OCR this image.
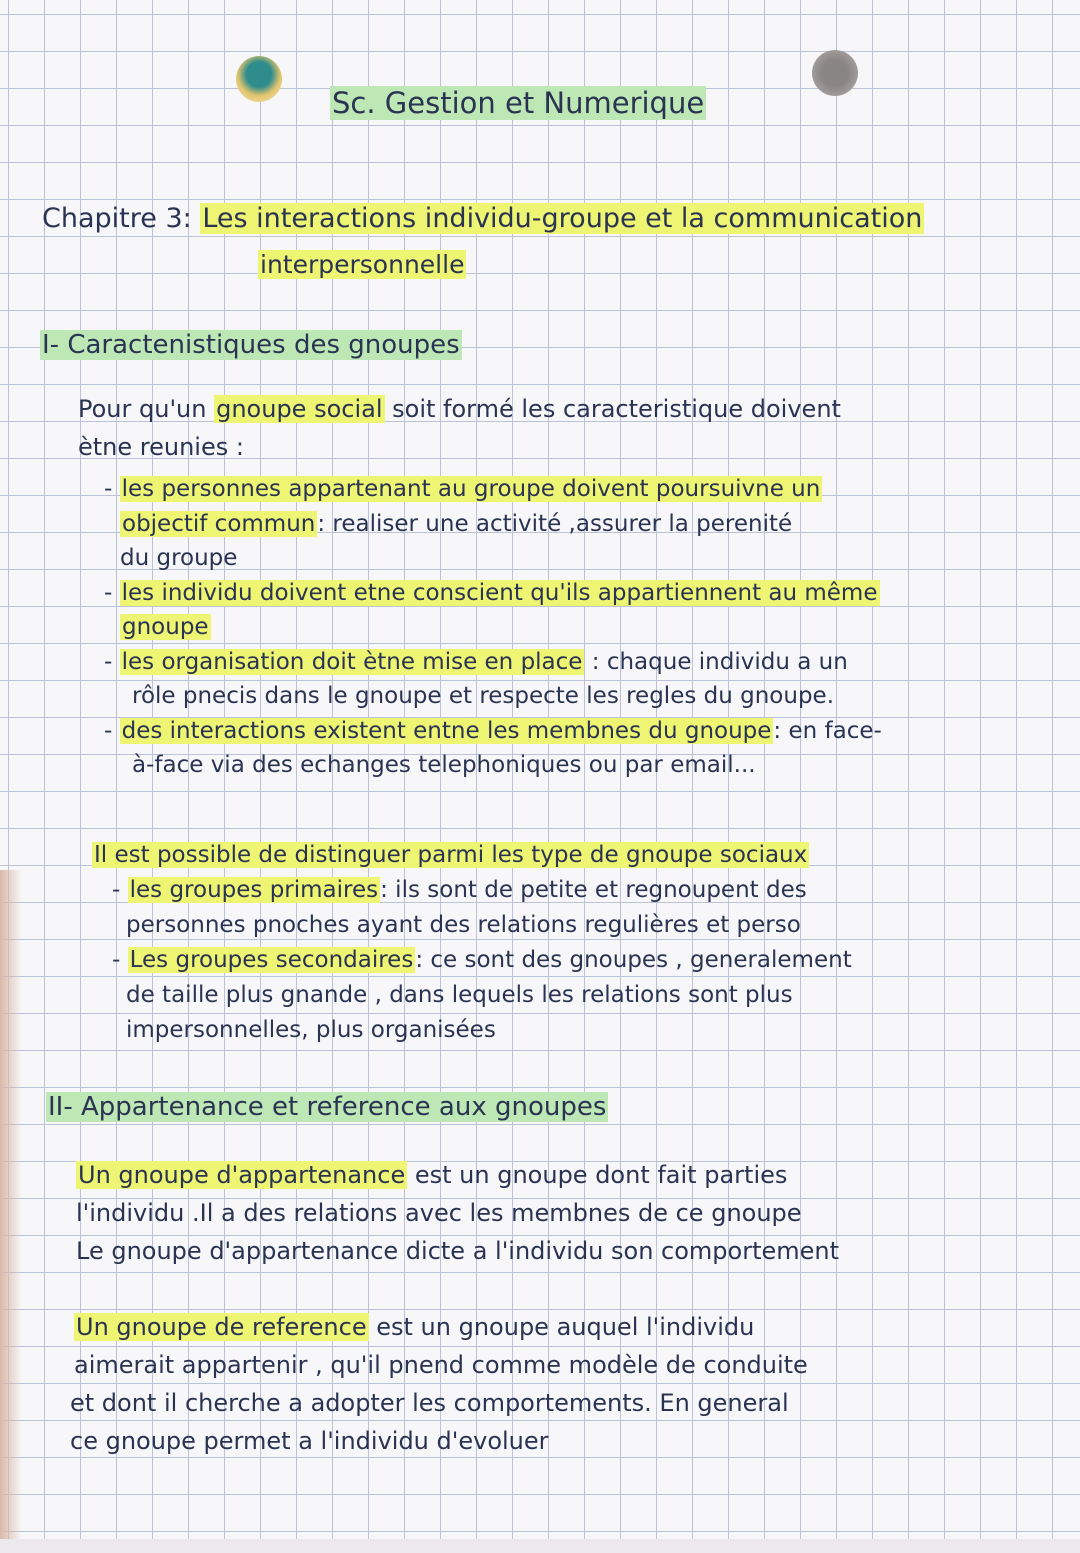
Sc. Gestion et Numerique
Chapitre 3: Les interactions individu-groupe et la communication
interpersonnelle
I- Caractenistiques des gnoupes
Pour qu'un gnoupe social soit formé les caracteristique doivent
ètne reunies :
- les personnes appartenant au groupe doivent poursuivne un
objectif commun: realiser une activité ,assurer la perenité
du groupe
- les individu doivent etne conscient qu'ils appartiennent au même
gnoupe
- les organisation doit ètne mise en place : chaque individu a un
rôle pnecis dans le gnoupe et respecte les regles du gnoupe.
- des interactions existent entne les membnes du gnoupe: en face-
à-face via des echanges telephoniques ou par email...
Il est possible de distinguer parmi les type de gnoupe sociaux
- les groupes primaires: ils sont de petite et regnoupent des
personnes pnoches ayant des relations regulières et perso
- Les groupes secondaires: ce sont des gnoupes , generalement
de taille plus gnande , dans lequels les relations sont plus
impersonnelles, plus organisées
II- Appartenance et reference aux gnoupes
Un gnoupe d'appartenance est un gnoupe dont fait parties
l'individu .Il a des relations avec les membnes de ce gnoupe
Le gnoupe d'appartenance dicte a l'individu son comportement
Un gnoupe de reference est un gnoupe auquel l'individu
aimerait appartenir , qu'il pnend comme modèle de conduite
et dont il cherche a adopter les comportements. En general
ce gnoupe permet a l'individu d'evoluer
